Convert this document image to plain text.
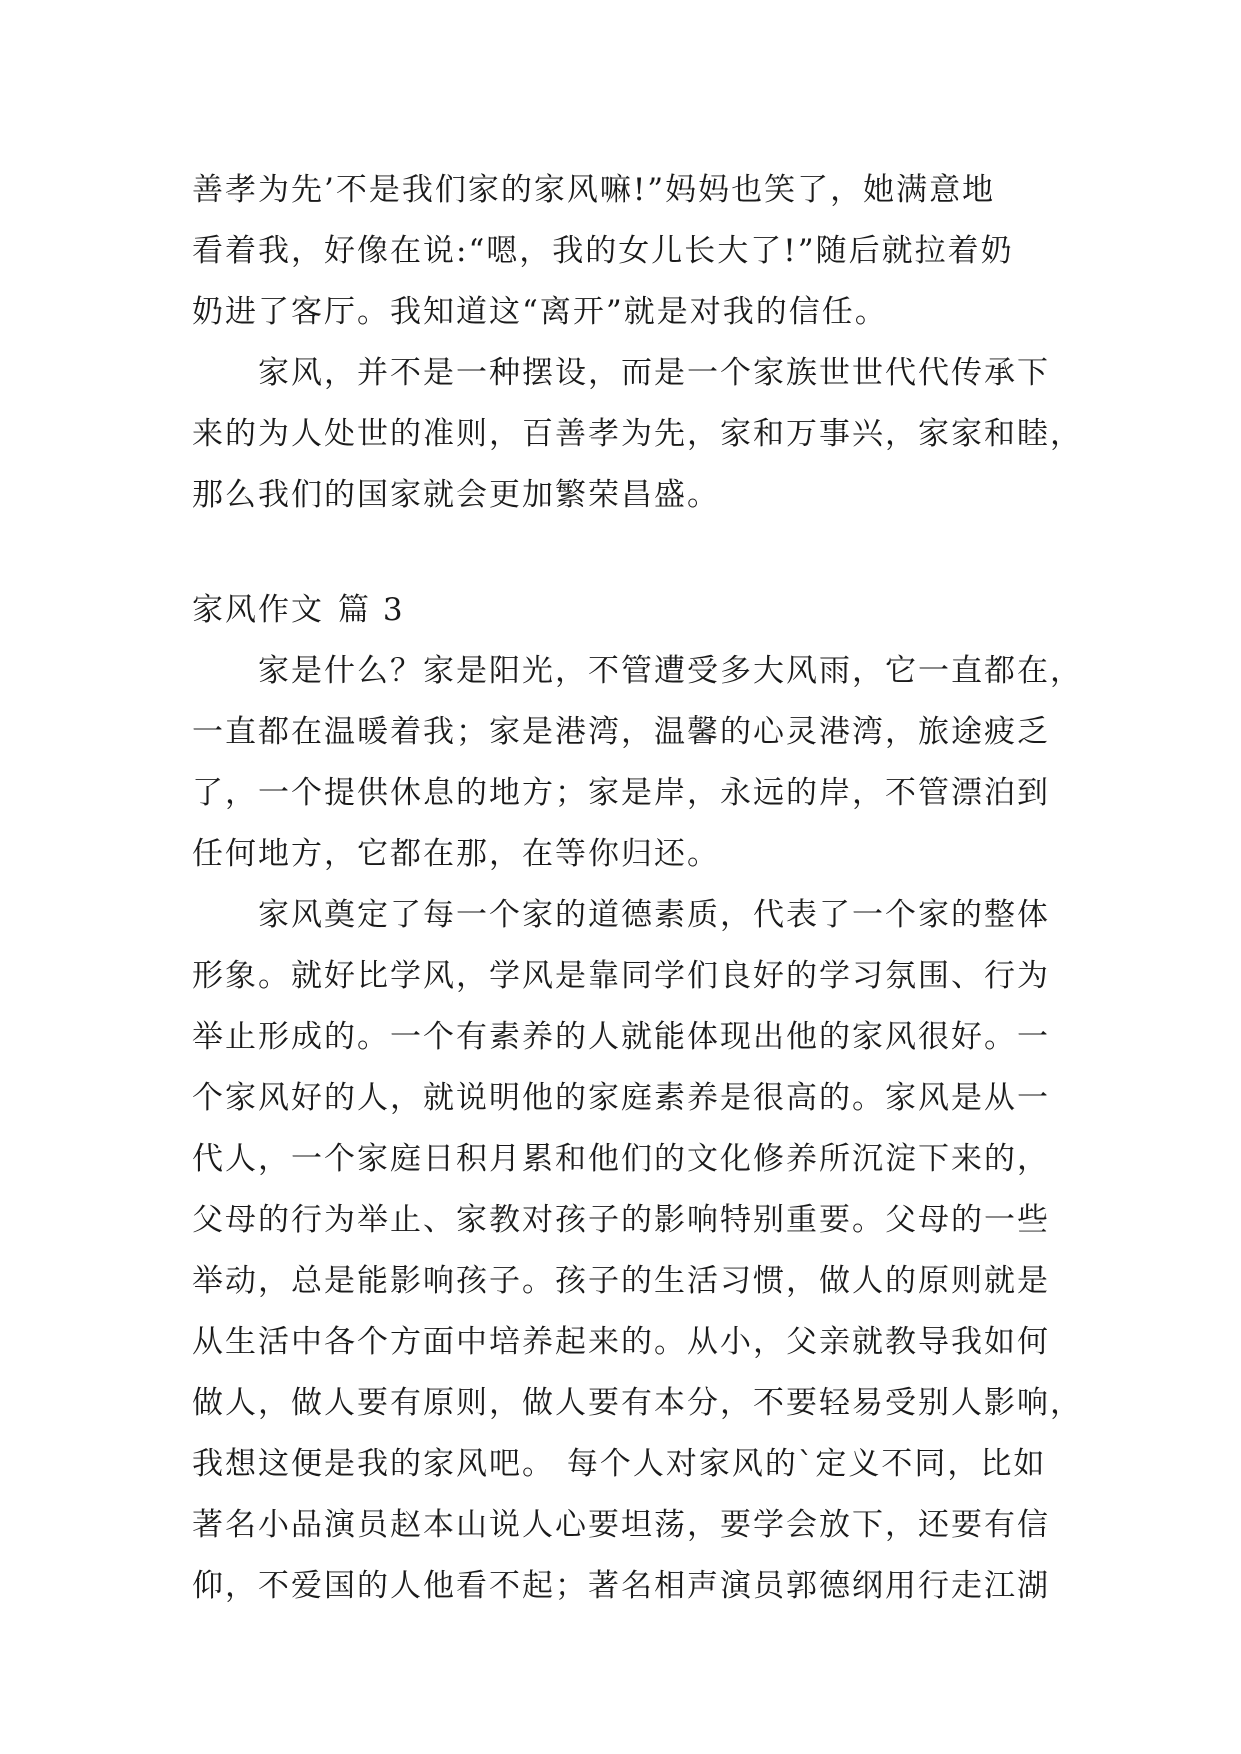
善孝为先’不是我们家的家风嘛!”妈妈也笑了，她满意地
看着我，好像在说:“嗯，我的女儿长大了!”随后就拉着奶
奶进了客厅。我知道这“离开”就是对我的信任。

家风，并不是一种摆设，而是一个家族世世代代传承下
来的为人处世的准则，百善孝为先，家和万事兴，家家和睦，
那么我们的国家就会更加繁荣昌盛。

家风作文 篇 3

家是什么？家是阳光，不管遭受多大风雨，它一直都在，
一直都在温暖着我；家是港湾，温馨的心灵港湾，旅途疲乏
了，一个提供休息的地方；家是岸，永远的岸，不管漂泊到
任何地方，它都在那，在等你归还。

家风奠定了每一个家的道德素质，代表了一个家的整体
形象。就好比学风，学风是靠同学们良好的学习氛围、行为
举止形成的。一个有素养的人就能体现出他的家风很好。一
个家风好的人，就说明他的家庭素养是很高的。家风是从一
代人，一个家庭日积月累和他们的文化修养所沉淀下来的，
父母的行为举止、家教对孩子的影响特别重要。父母的一些
举动，总是能影响孩子。孩子的生活习惯，做人的原则就是
从生活中各个方面中培养起来的。从小，父亲就教导我如何
做人，做人要有原则，做人要有本分，不要轻易受别人影响，
我想这便是我的家风吧。 每个人对家风的`定义不同，比如
著名小品演员赵本山说人心要坦荡，要学会放下，还要有信
仰，不爱国的人他看不起；著名相声演员郭德纲用行走江湖
